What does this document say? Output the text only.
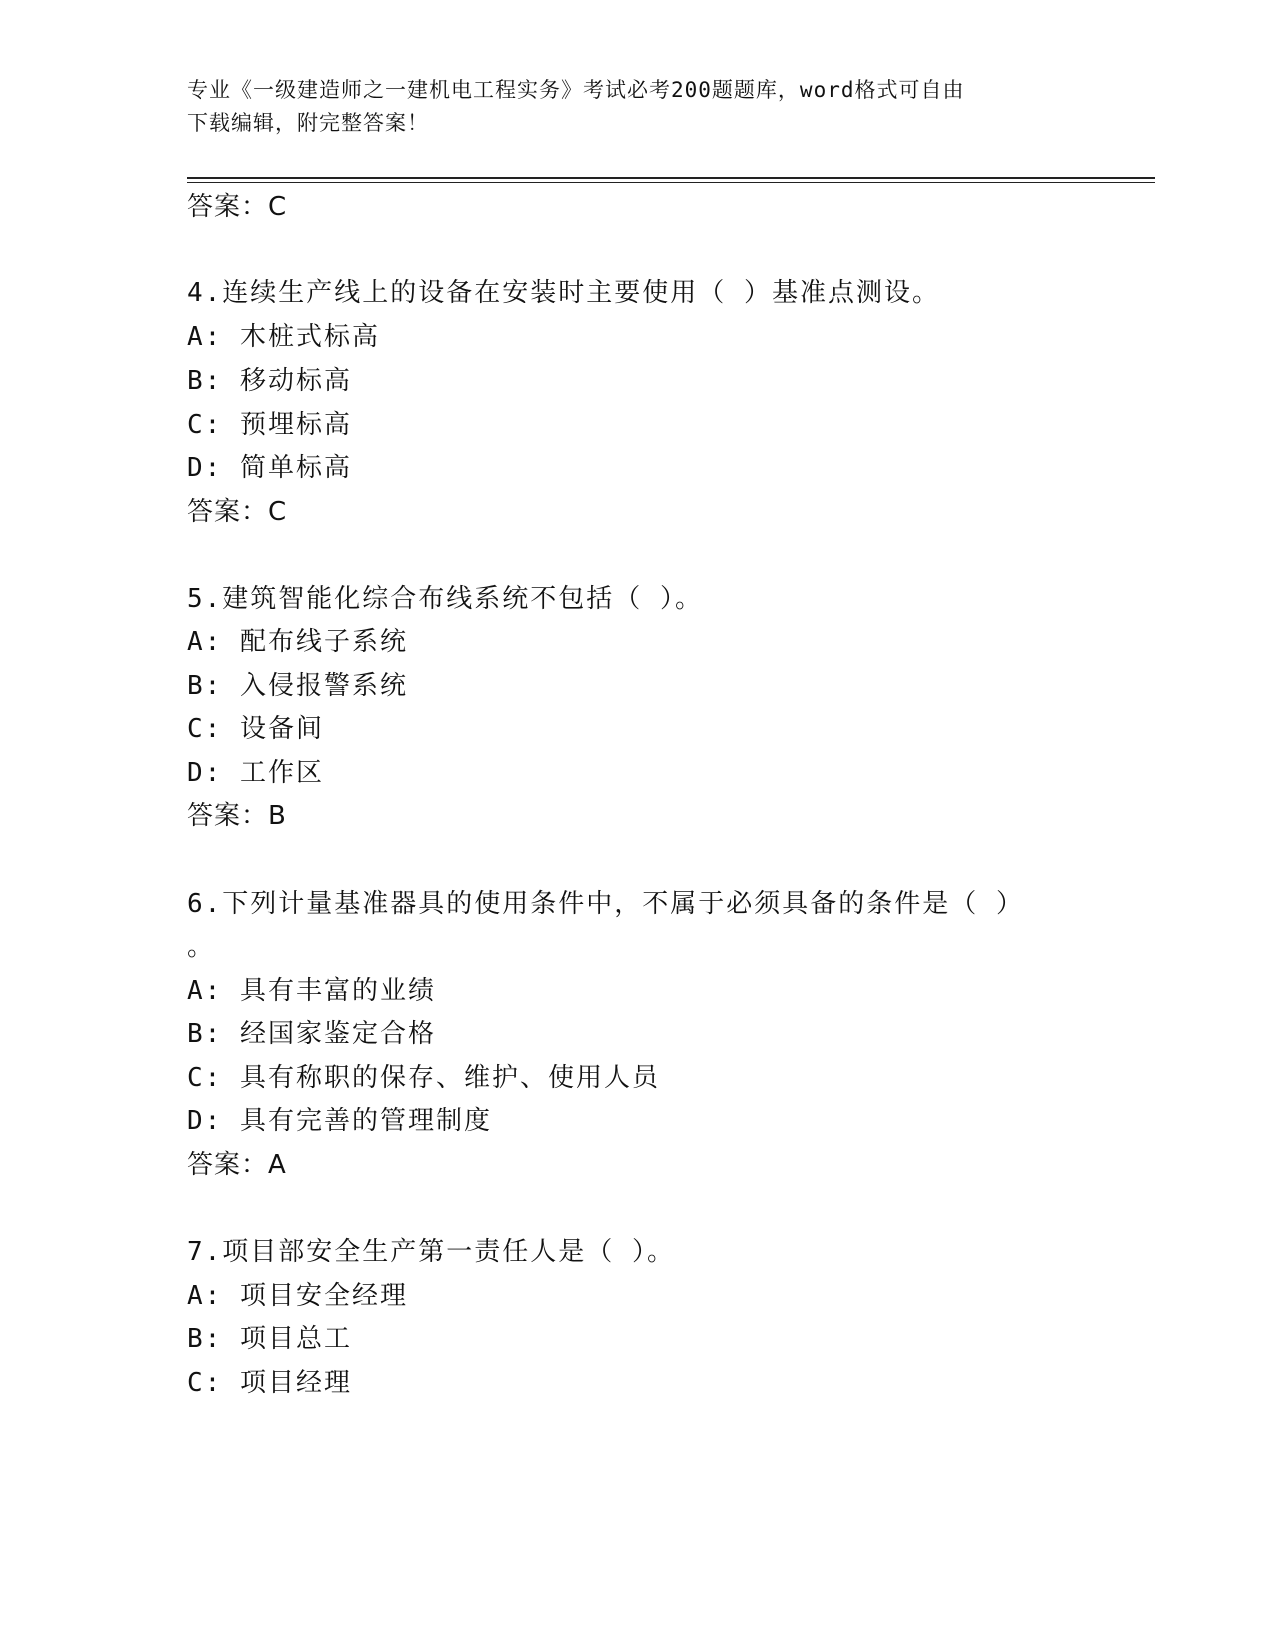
专业《一级建造师之一建机电工程实务》考试必考200题题库，word格式可自由
下载编辑，附完整答案！
答案：C
4.连续生产线上的设备在安装时主要使用（ ）基准点测设。
A: 木桩式标高
B: 移动标高
C: 预埋标高
D: 简单标高
答案：C
5.建筑智能化综合布线系统不包括（ ）。
A: 配布线子系统
B: 入侵报警系统
C: 设备间
D: 工作区
答案：B
6.下列计量基准器具的使用条件中，不属于必须具备的条件是（ ）
。
A: 具有丰富的业绩
B: 经国家鉴定合格
C: 具有称职的保存、维护、使用人员
D: 具有完善的管理制度
答案：A
7.项目部安全生产第一责任人是（ ）。
A: 项目安全经理
B: 项目总工
C: 项目经理
